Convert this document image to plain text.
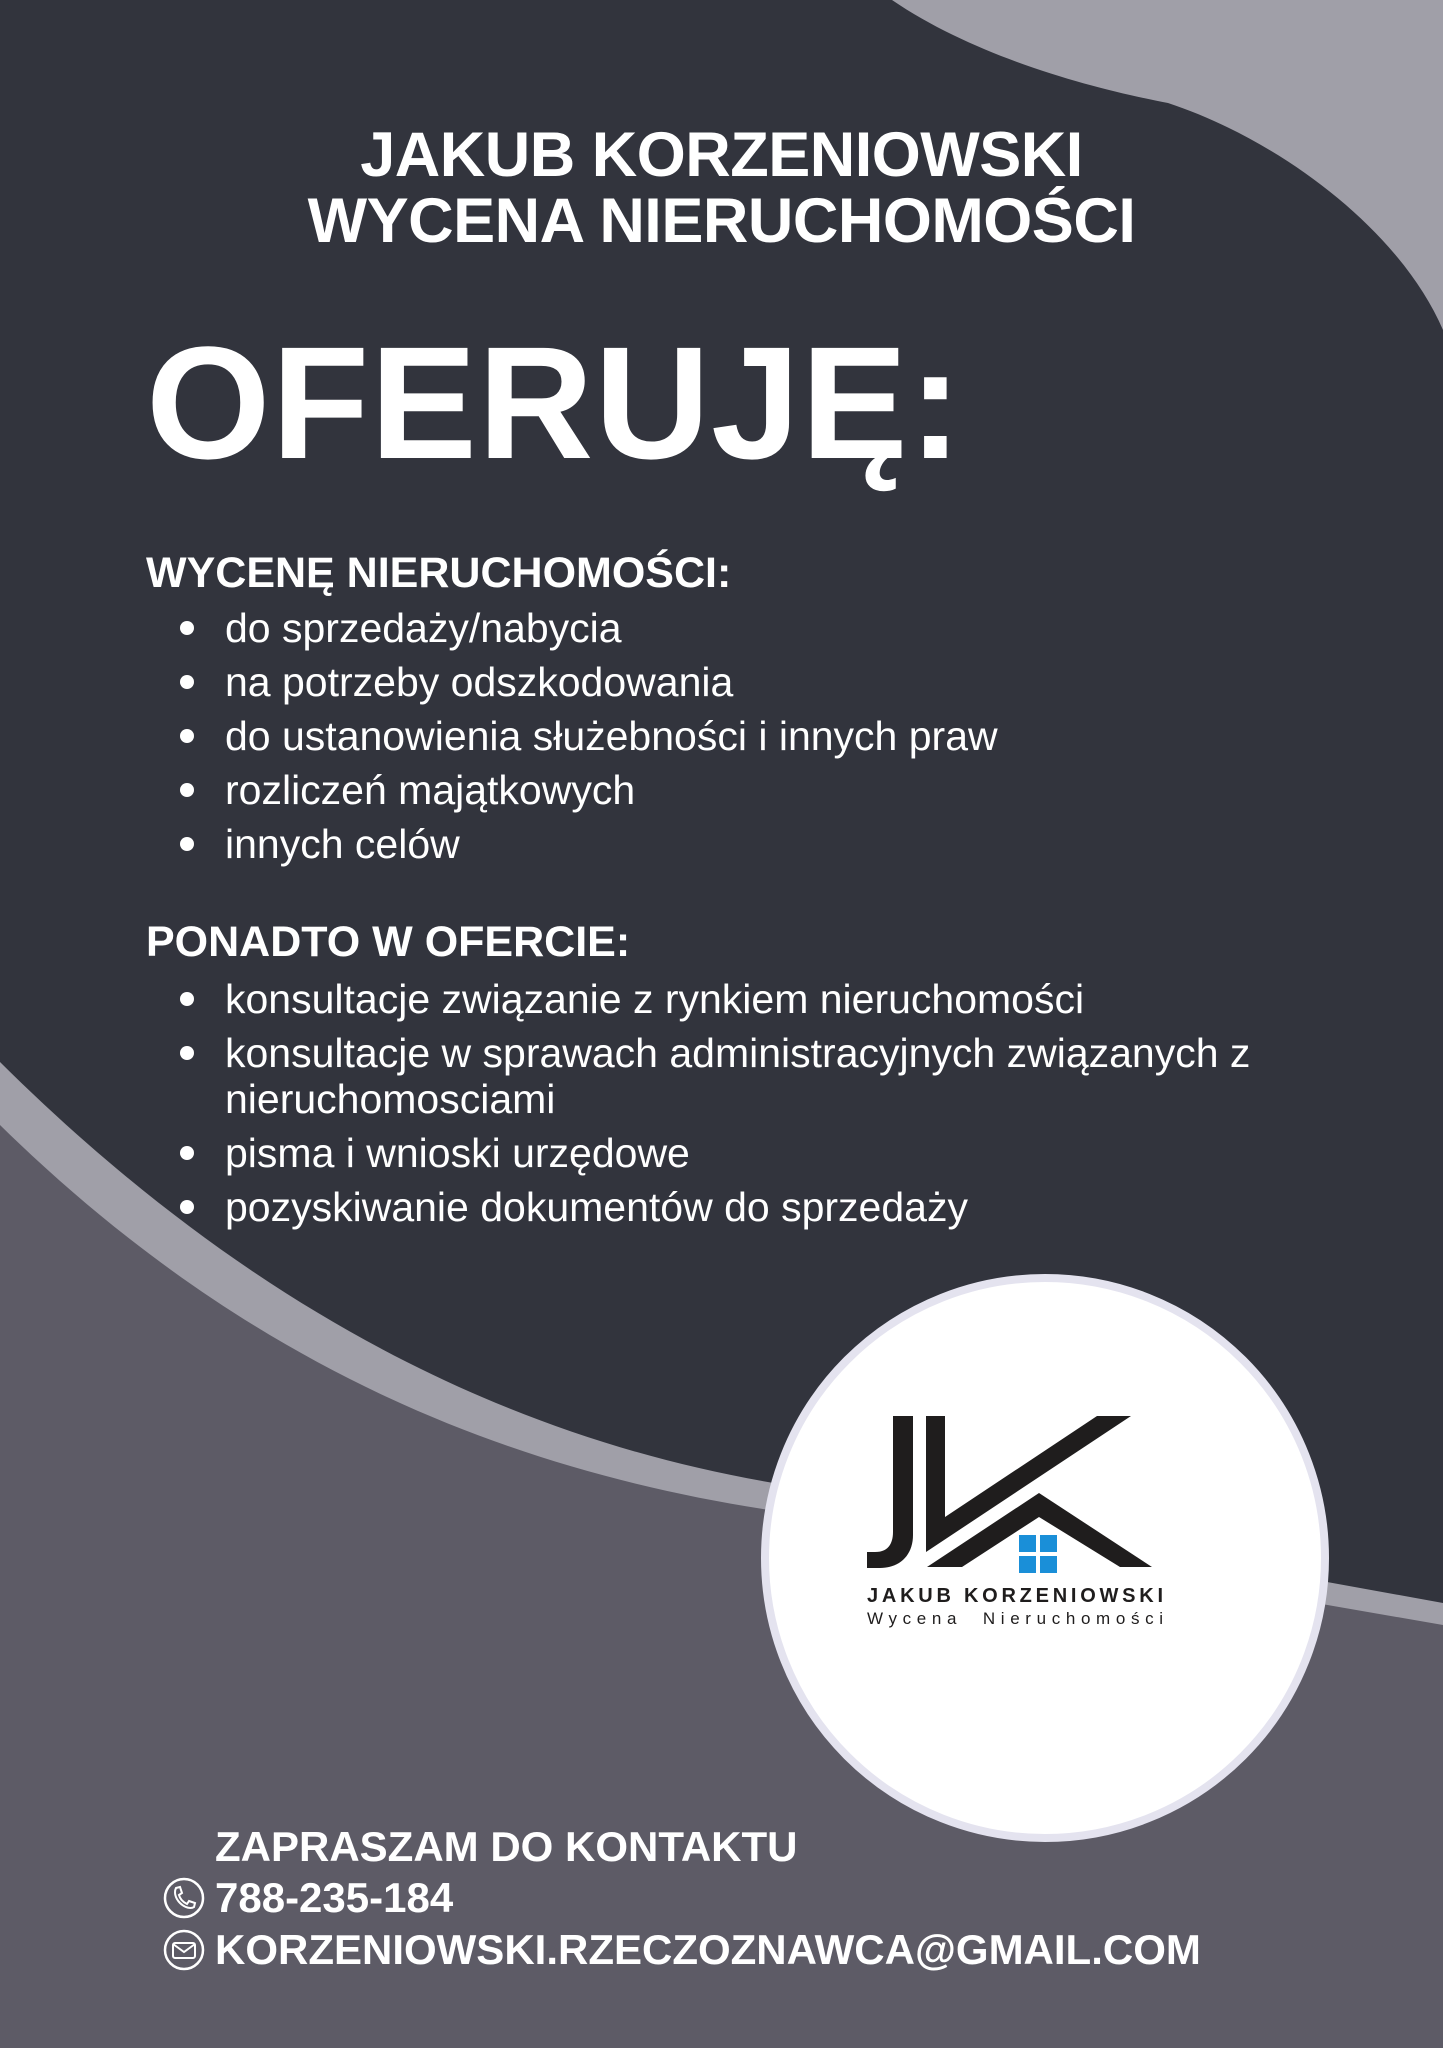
JAKUB KORZENIOWSKI
WYCENA NIERUCHOMOŚCI
OFERUJĘ:
WYCENĘ NIERUCHOMOŚCI:
do sprzedaży/nabycia
na potrzeby odszkodowania
do ustanowienia służebności i innych praw
rozliczeń majątkowych
innych celów
PONADTO W OFERCIE:
konsultacje związanie z rynkiem nieruchomości
konsultacje w sprawach administracyjnych związanych z nieruchomosciami
pisma i wnioski urzędowe
pozyskiwanie dokumentów do sprzedaży
JAKUB KORZENIOWSKI
Wycena  Nieruchomości
ZAPRASZAM DO KONTAKTU
788-235-184
KORZENIOWSKI.RZECZOZNAWCA@GMAIL.COM
